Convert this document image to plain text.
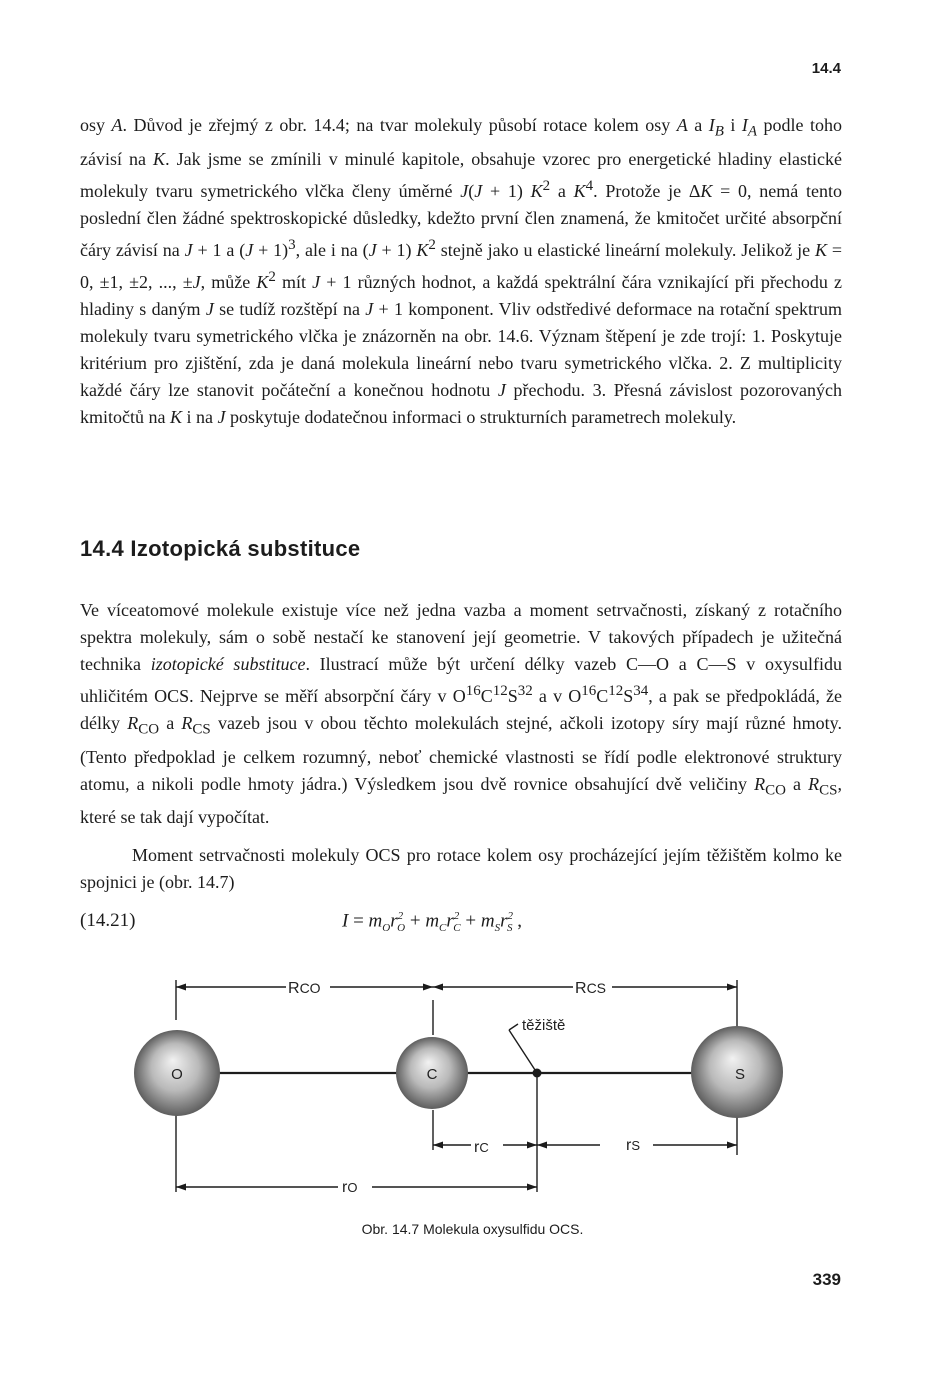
14.4

osy A. Důvod je zřejmý z obr. 14.4; na tvar molekuly působí rotace kolem osy A a $I_B$ i $I_A$ podle toho závisí na K. Jak jsme se zmínili v minulé kapitole, obsahuje vzorec pro energetické hladiny elastické molekuly tvaru symetrického vlčka členy úměrné J(J + 1) $K^2$ a $K^4$. Protože je ΔK = 0, nemá tento poslední člen žádné spektroskopické důsledky, kdežto první člen znamená, že kmitočet určité absorpční čáry závisí na J + 1 a $(J + 1)^3$, ale i na (J + 1) $K^2$ stejně jako u elastické lineární molekuly. Jelikož je K = 0, ±1, ±2, ..., ±J, může $K^2$ mít J + 1 různých hodnot, a každá spektrální čára vznikající při přechodu z hladiny s daným J se tudíž rozštěpí na J + 1 komponent. Vliv odstředivé deformace na rotační spektrum molekuly tvaru symetrického vlčka je znázorněn na obr. 14.6. Význam štěpení je zde trojí: 1. Poskytuje kritérium pro zjištění, zda je daná molekula lineární nebo tvaru symetrického vlčka. 2. Z multiplicity každé čáry lze stanovit počáteční a konečnou hodnotu J přechodu. 3. Přesná závislost pozorovaných kmitočtů na K i na J poskytuje dodatečnou informaci o strukturních parametrech molekuly.

14.4 Izotopická substituce

Ve víceatomové molekule existuje více než jedna vazba a moment setrvačnosti, získaný z rotačního spektra molekuly, sám o sobě nestačí ke stanovení její geometrie. V takových případech je užitečná technika izotopické substituce. Ilustrací může být určení délky vazeb C—O a C—S v oxysulfidu uhličitém OCS. Nejprve se měří absorpční čáry v $O^{16}C^{12}S^{32}$ a v $O^{16}C^{12}S^{34}$, a pak se předpokládá, že délky $R_{CO}$ a $R_{CS}$ vazeb jsou v obou těchto molekulách stejné, ačkoli izotopy síry mají různé hmoty. (Tento předpoklad je celkem rozumný, neboť chemické vlastnosti se řídí podle elektronové struktury atomu, a nikoli podle hmoty jádra.) Výsledkem jsou dvě rovnice obsahující dvě veličiny $R_{CO}$ a $R_{CS}$, které se tak dají vypočítat.

Moment setrvačnosti molekuly OCS pro rotace kolem osy procházející jejím těžištěm kolmo ke spojnici je (obr. 14.7)

(14.21)	$I = m_Or^2_O + m_Cr^2_C + m_Sr^2_S$ ,
O	C	S
RCO	RCS
těžiště
rC	rS
rO
Obr. 14.7 Molekula oxysulfidu OCS.
339
